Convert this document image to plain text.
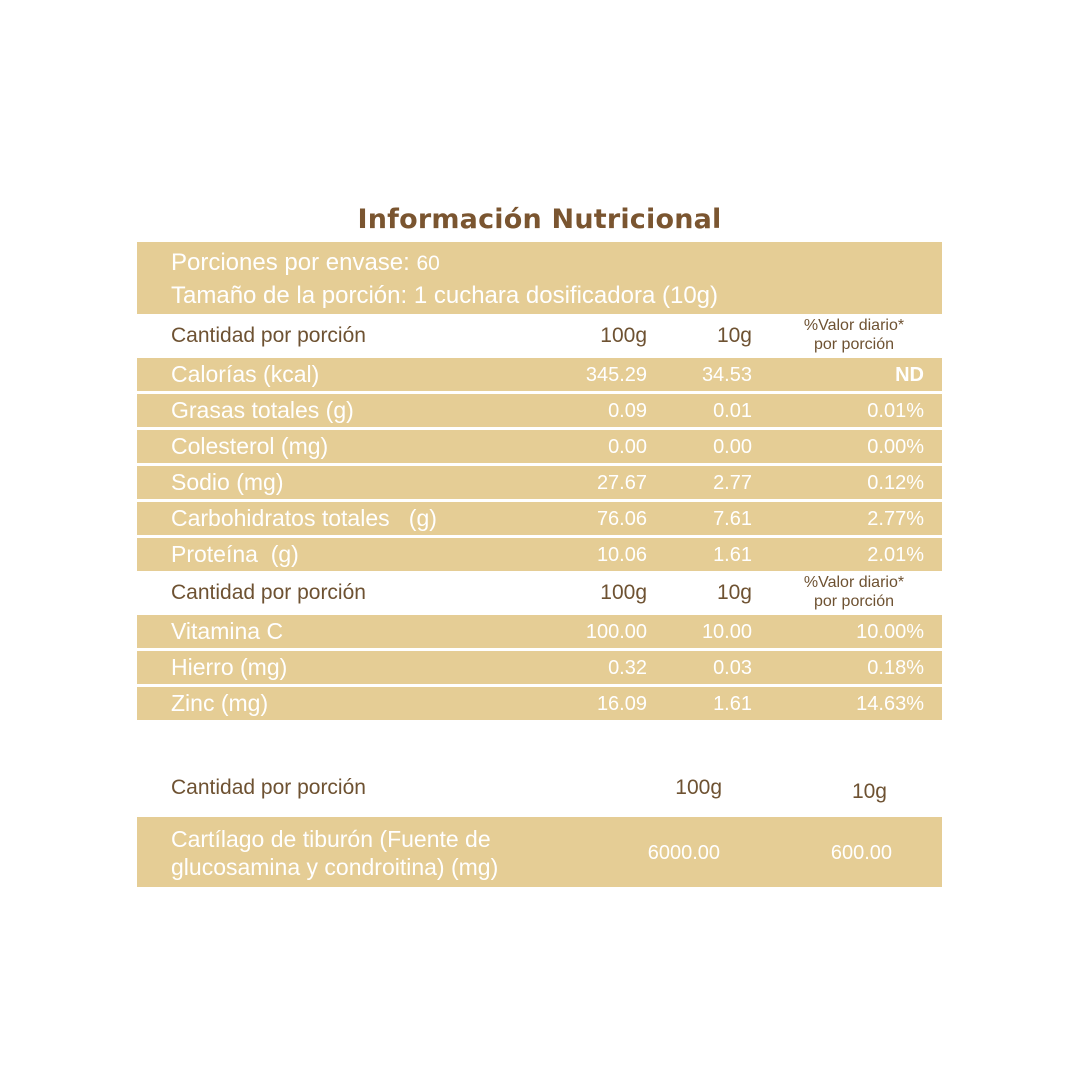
Información Nutricional
Porciones por envase: 60
Tamaño de la porción: 1 cuchara dosificadora (10g)
Cantidad por porción	100g	10g	%Valor diario*
por porción
Calorías (kcal)	345.29	34.53	ND
Grasas totales (g)	0.09	0.01	0.01%
Colesterol (mg)	0.00	0.00	0.00%
Sodio (mg)	27.67	2.77	0.12%
Carbohidratos totales   (g)	76.06	7.61	2.77%
Proteína  (g)	10.06	1.61	2.01%
Cantidad por porción	100g	10g	%Valor diario*
por porción
Vitamina C	100.00	10.00	10.00%
Hierro (mg)	0.32	0.03	0.18%
Zinc (mg)	16.09	1.61	14.63%
Cantidad por porción	100g	10g
Cartílago de tiburón (Fuente de
glucosamina y condroitina) (mg)
6000.00	600.00
